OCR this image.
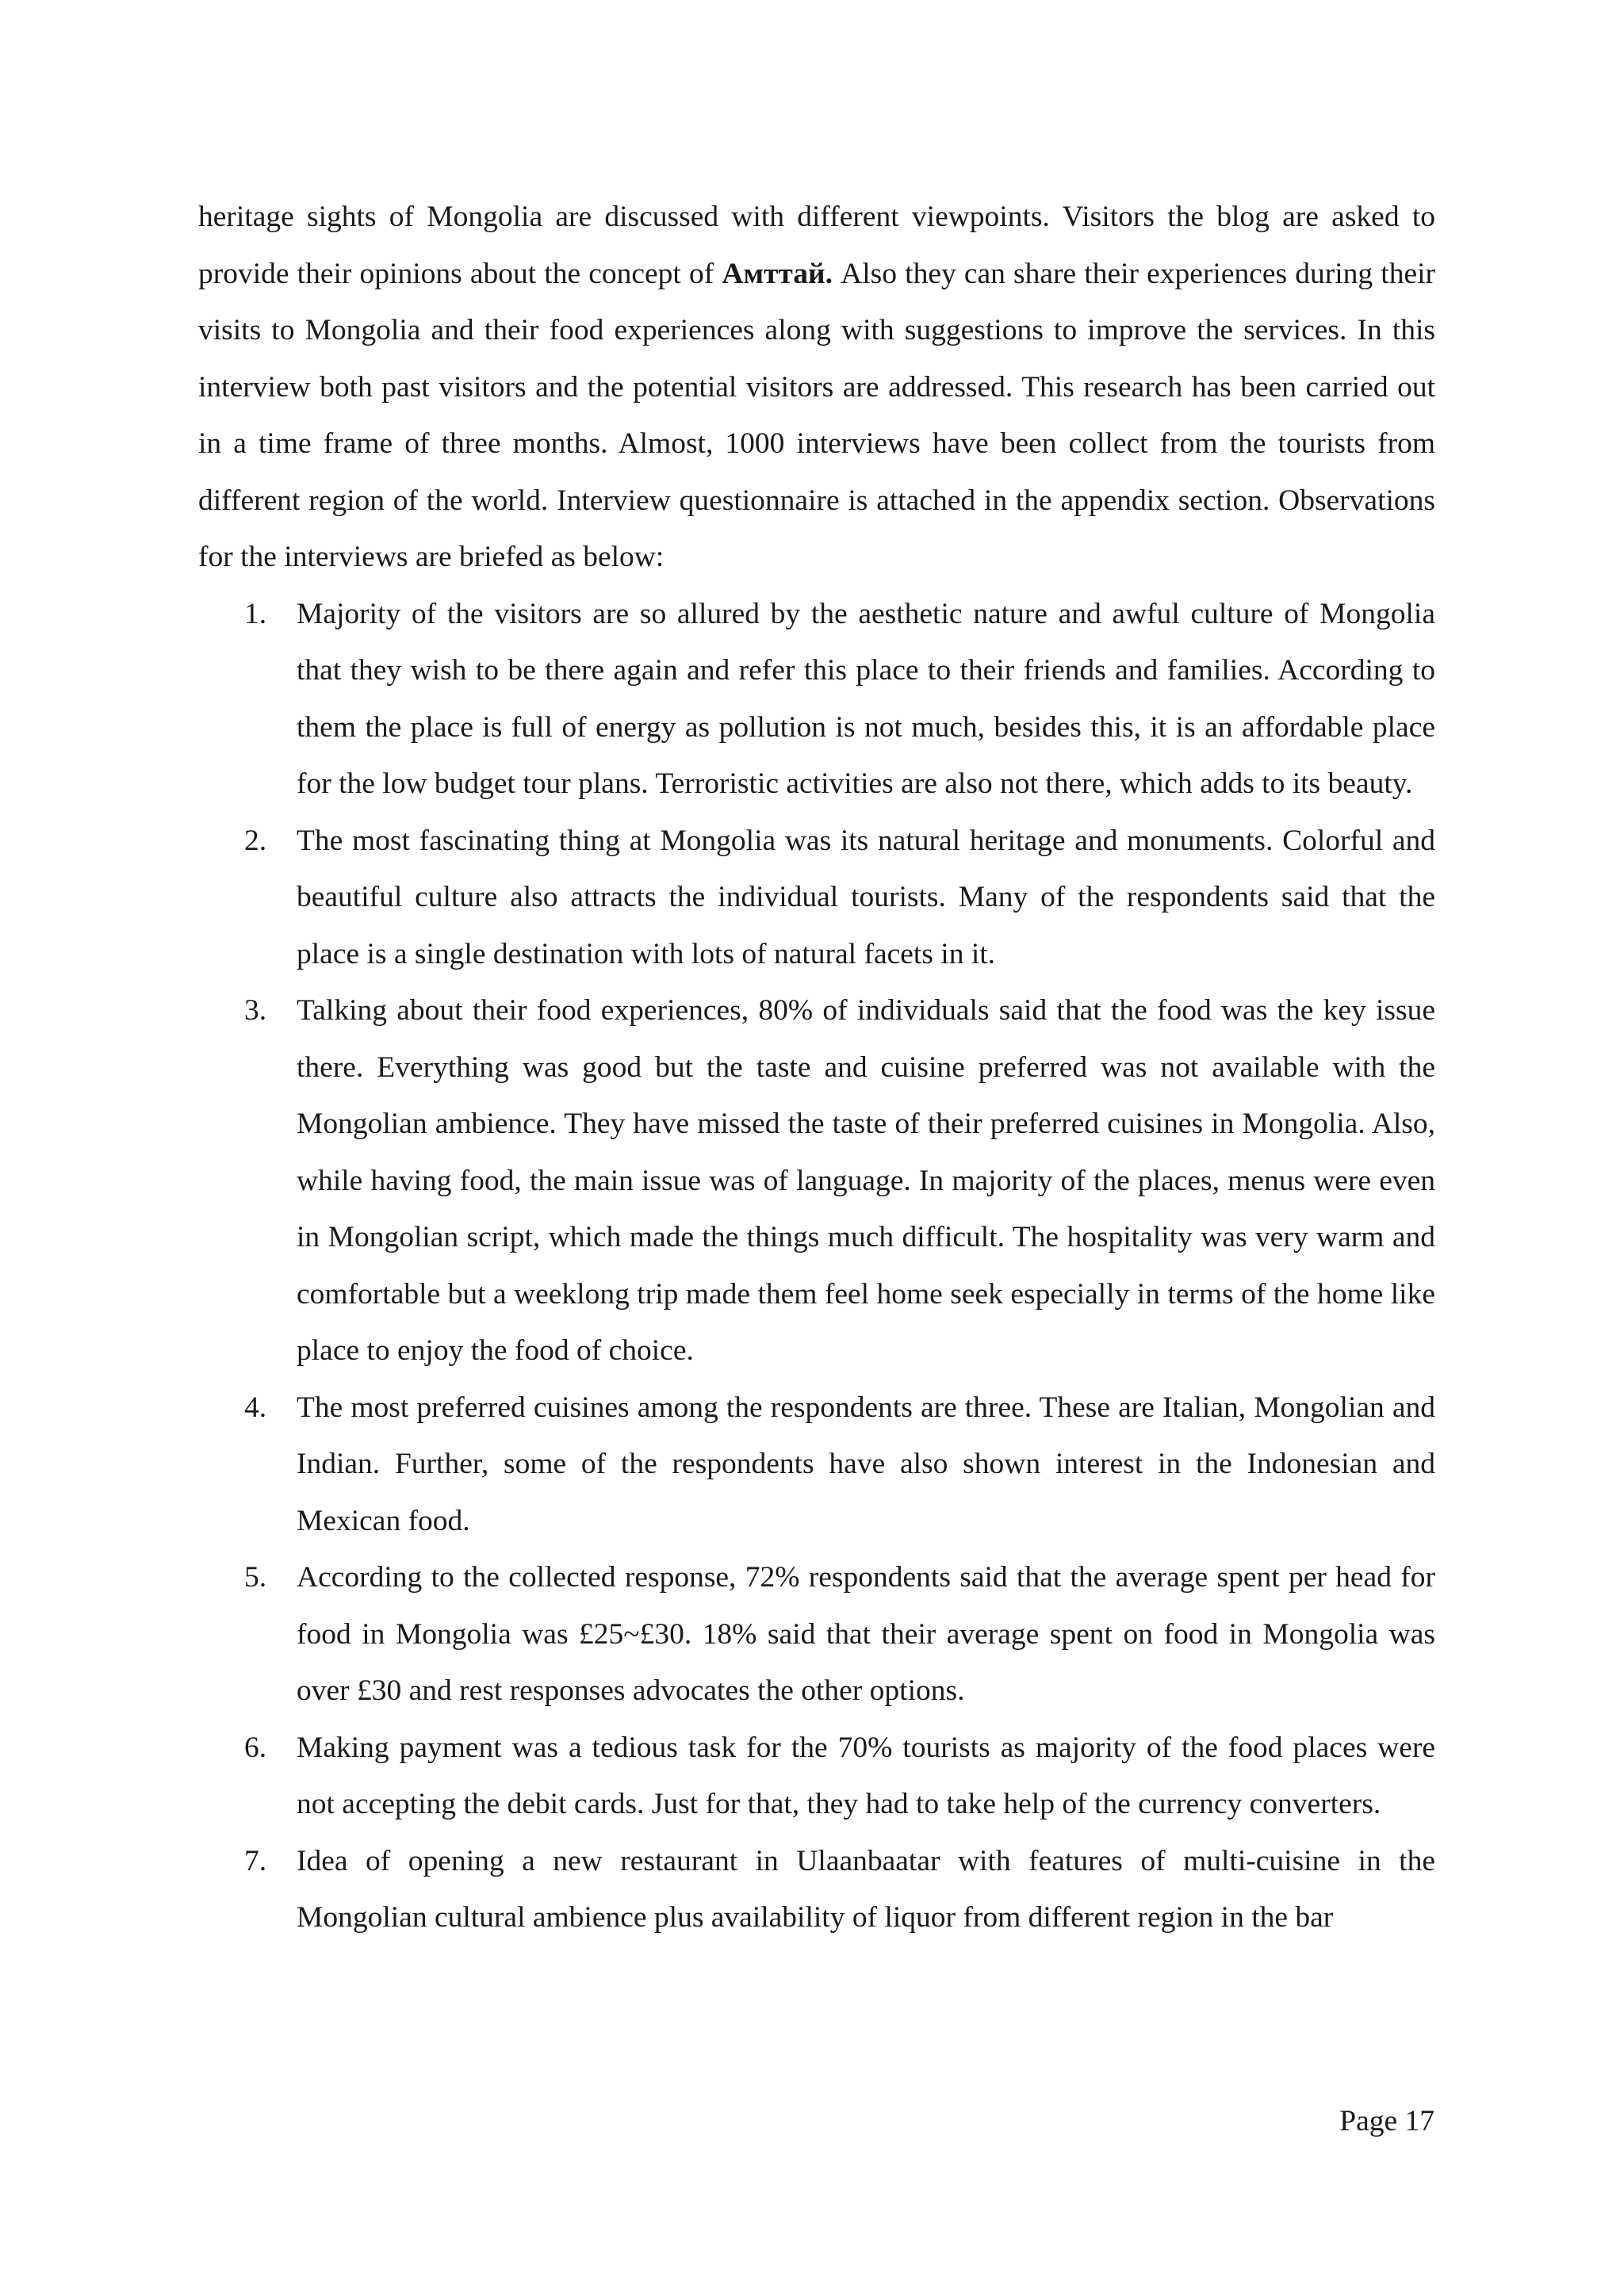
heritage sights of Mongolia are discussed with different viewpoints. Visitors the blog are asked to provide their opinions about the concept of Амттай. Also they can share their experiences during their visits to Mongolia and their food experiences along with suggestions to improve the services. In this interview both past visitors and the potential visitors are addressed. This research has been carried out in a time frame of three months. Almost, 1000 interviews have been collect from the tourists from different region of the world. Interview questionnaire is attached in the appendix section. Observations for the interviews are briefed as below:

1. Majority of the visitors are so allured by the aesthetic nature and awful culture of Mongolia that they wish to be there again and refer this place to their friends and families. According to them the place is full of energy as pollution is not much, besides this, it is an affordable place for the low budget tour plans. Terroristic activities are also not there, which adds to its beauty.
2. The most fascinating thing at Mongolia was its natural heritage and monuments. Colorful and beautiful culture also attracts the individual tourists. Many of the respondents said that the place is a single destination with lots of natural facets in it.
3. Talking about their food experiences, 80% of individuals said that the food was the key issue there. Everything was good but the taste and cuisine preferred was not available with the Mongolian ambience. They have missed the taste of their preferred cuisines in Mongolia. Also, while having food, the main issue was of language. In majority of the places, menus were even in Mongolian script, which made the things much difficult. The hospitality was very warm and comfortable but a weeklong trip made them feel home seek especially in terms of the home like place to enjoy the food of choice.
4. The most preferred cuisines among the respondents are three. These are Italian, Mongolian and Indian. Further, some of the respondents have also shown interest in the Indonesian and Mexican food.
5. According to the collected response, 72% respondents said that the average spent per head for food in Mongolia was £25~£30. 18% said that their average spent on food in Mongolia was over £30 and rest responses advocates the other options.
6. Making payment was a tedious task for the 70% tourists as majority of the food places were not accepting the debit cards. Just for that, they had to take help of the currency converters.
7. Idea of opening a new restaurant in Ulaanbaatar with features of multi-cuisine in the Mongolian cultural ambience plus availability of liquor from different region in the bar
Page 17
